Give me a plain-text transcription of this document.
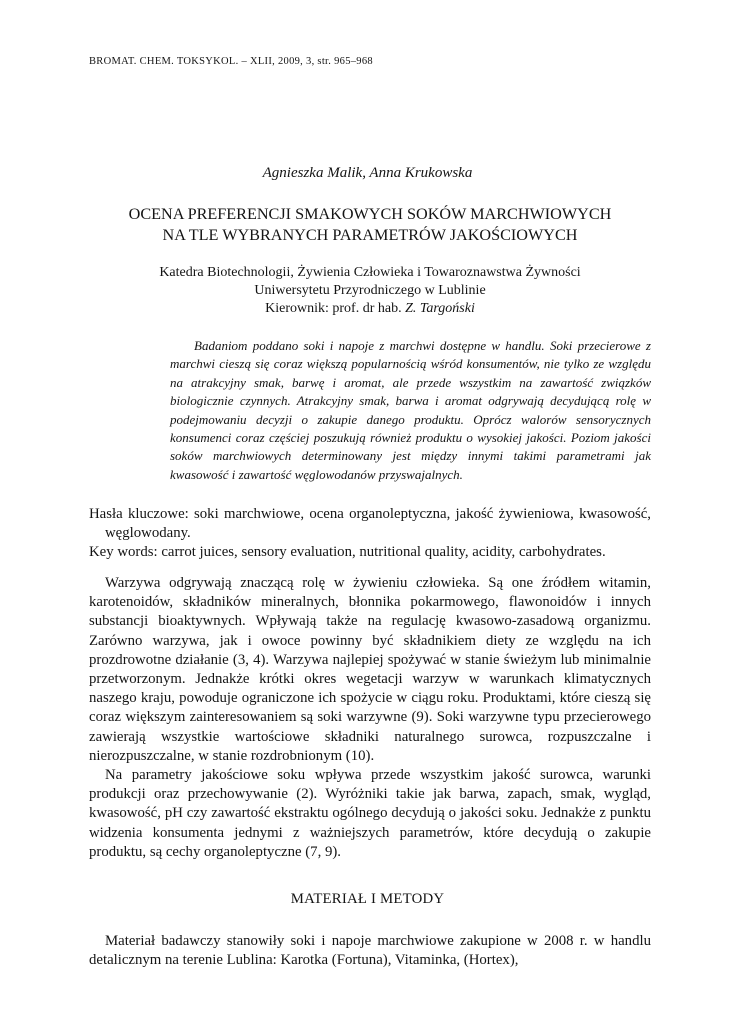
BROMAT. CHEM. TOKSYKOL. – XLII, 2009, 3, str. 965–968
Agnieszka Malik, Anna Krukowska
OCENA PREFERENCJI SMAKOWYCH SOKÓW MARCHWIOWYCH
NA TLE WYBRANYCH PARAMETRÓW JAKOŚCIOWYCH
Katedra Biotechnologii, Żywienia Człowieka i Towaroznawstwa Żywności
Uniwersytetu Przyrodniczego w Lublinie
Kierownik: prof. dr hab. Z. Targoński
Badaniom poddano soki i napoje z marchwi dostępne w handlu. Soki przecierowe z marchwi cieszą się coraz większą popularnością wśród konsumentów, nie tylko ze względu na atrakcyjny smak, barwę i aromat, ale przede wszystkim na zawartość związków biologicznie czynnych. Atrakcyjny smak, barwa i aromat odgrywają decydującą rolę w podejmowaniu decyzji o zakupie danego produktu. Oprócz walorów sensorycznych konsumenci coraz częściej poszukują również produktu o wysokiej jakości. Poziom jakości soków marchwiowych determinowany jest między innymi takimi parametrami jak kwasowość i zawartość węglowodanów przyswajalnych.

Hasła kluczowe: soki marchwiowe, ocena organoleptyczna, jakość żywieniowa, kwasowość, węglowodany.

Key words: carrot juices, sensory evaluation, nutritional quality, acidity, carbohydrates.

Warzywa odgrywają znaczącą rolę w żywieniu człowieka. Są one źródłem witamin, karotenoidów, składników mineralnych, błonnika pokarmowego, flawonoidów i innych substancji bioaktywnych. Wpływają także na regulację kwasowo-zasadową organizmu. Zarówno warzywa, jak i owoce powinny być składnikiem diety ze względu na ich prozdrowotne działanie (3, 4). Warzywa najlepiej spożywać w stanie świeżym lub minimalnie przetworzonym. Jednakże krótki okres wegetacji warzyw w warunkach klimatycznych naszego kraju, powoduje ograniczone ich spożycie w ciągu roku. Produktami, które cieszą się coraz większym zainteresowaniem są soki warzywne (9). Soki warzywne typu przecierowego zawierają wszystkie wartościowe składniki naturalnego surowca, rozpuszczalne i nierozpuszczalne, w stanie rozdrobnionym (10).

Na parametry jakościowe soku wpływa przede wszystkim jakość surowca, warunki produkcji oraz przechowywanie (2). Wyróżniki takie jak barwa, zapach, smak, wygląd, kwasowość, pH czy zawartość ekstraktu ogólnego decydują o jakości soku. Jednakże z punktu widzenia konsumenta jednymi z ważniejszych parametrów, które decydują o zakupie produktu, są cechy organoleptyczne (7, 9).

MATERIAŁ I METODY

Materiał badawczy stanowiły soki i napoje marchwiowe zakupione w 2008 r. w handlu detalicznym na terenie Lublina: Karotka (Fortuna), Vitaminka, (Hortex),
